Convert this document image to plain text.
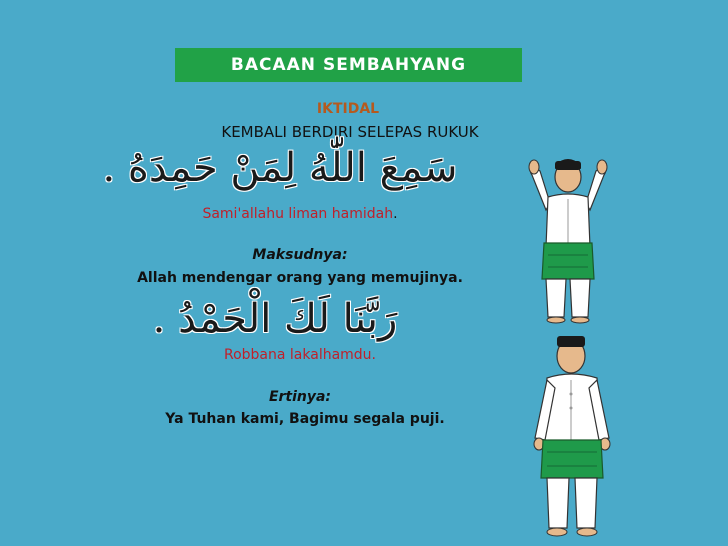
BACAAN SEMBAHYANG
IKTIDAL
KEMBALI BERDIRI SELEPAS RUKUK
سَمِعَ اللّٰهُ لِمَنْ حَمِدَهُ .
Sami'allahu liman hamidah.
Maksudnya:
Allah mendengar orang yang memujinya.
رَبَّنَا لَكَ الْحَمْدُ .
Robbana lakalhamdu.
Ertinya:
Ya Tuhan kami, Bagimu segala puji.
